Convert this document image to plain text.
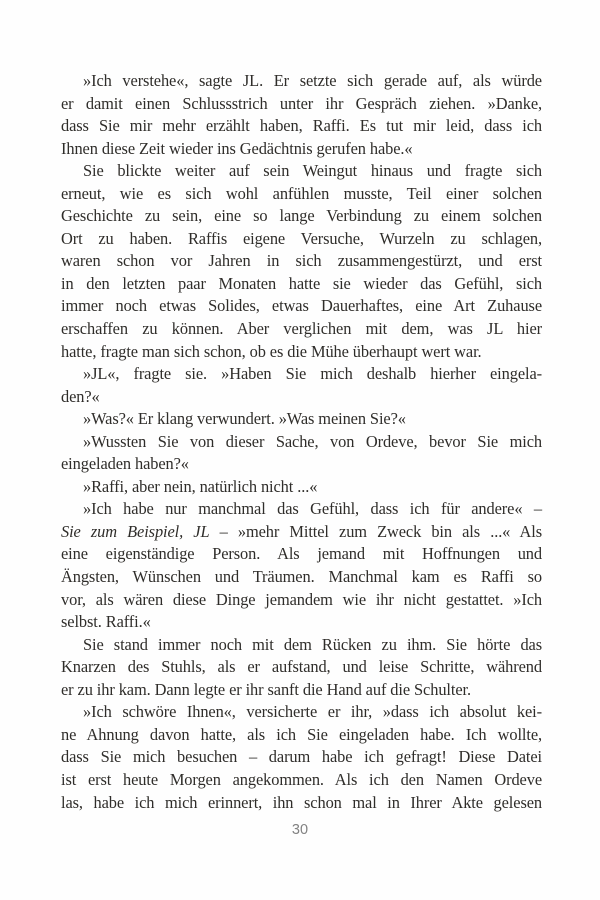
»Ich verstehe«, sagte JL. Er setzte sich gerade auf, als würde
er damit einen Schlussstrich unter ihr Gespräch ziehen. »Danke,
dass Sie mir mehr erzählt haben, Raffi. Es tut mir leid, dass ich
Ihnen diese Zeit wieder ins Gedächtnis gerufen habe.«

Sie blickte weiter auf sein Weingut hinaus und fragte sich
erneut, wie es sich wohl anfühlen musste, Teil einer solchen
Geschichte zu sein, eine so lange Verbindung zu einem solchen
Ort zu haben. Raffis eigene Versuche, Wurzeln zu schlagen,
waren schon vor Jahren in sich zusammengestürzt, und erst
in den letzten paar Monaten hatte sie wieder das Gefühl, sich
immer noch etwas Solides, etwas Dauerhaftes, eine Art Zuhause
erschaffen zu können. Aber verglichen mit dem, was JL hier
hatte, fragte man sich schon, ob es die Mühe überhaupt wert war.

»JL«, fragte sie. »Haben Sie mich deshalb hierher eingela-
den?«

»Was?« Er klang verwundert. »Was meinen Sie?«

»Wussten Sie von dieser Sache, von Ordeve, bevor Sie mich
eingeladen haben?«

»Raffi, aber nein, natürlich nicht ...«

»Ich habe nur manchmal das Gefühl, dass ich für andere« –
Sie zum Beispiel, JL – »mehr Mittel zum Zweck bin als ...« Als
eine eigenständige Person. Als jemand mit Hoffnungen und
Ängsten, Wünschen und Träumen. Manchmal kam es Raffi so
vor, als wären diese Dinge jemandem wie ihr nicht gestattet. »Ich
selbst. Raffi.«

Sie stand immer noch mit dem Rücken zu ihm. Sie hörte das
Knarzen des Stuhls, als er aufstand, und leise Schritte, während
er zu ihr kam. Dann legte er ihr sanft die Hand auf die Schulter.

»Ich schwöre Ihnen«, versicherte er ihr, »dass ich absolut kei-
ne Ahnung davon hatte, als ich Sie eingeladen habe. Ich wollte,
dass Sie mich besuchen – darum habe ich gefragt! Diese Datei
ist erst heute Morgen angekommen. Als ich den Namen Ordeve
las, habe ich mich erinnert, ihn schon mal in Ihrer Akte gelesen

30
